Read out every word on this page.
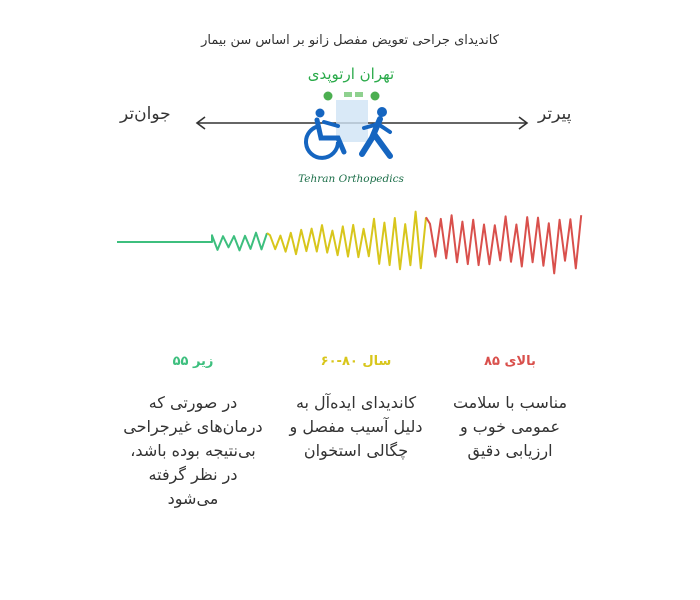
کاندیدای جراحی تعویض مفصل زانو بر اساس سن بیمار
جوان‌تر	پیرتر
تهران ارتوپدی
Tehran Orthopedics
زیر ۵۵
در صورتی که درمان‌های غیرجراحی بی‌نتیجه بوده باشد، در نظر گرفته می‌شود
سال ۸۰-۶۰
کاندیدای ایده‌آل به دلیل آسیب مفصل و چگالی استخوان
بالای ۸۵
مناسب با سلامت عمومی خوب و ارزیابی دقیق
